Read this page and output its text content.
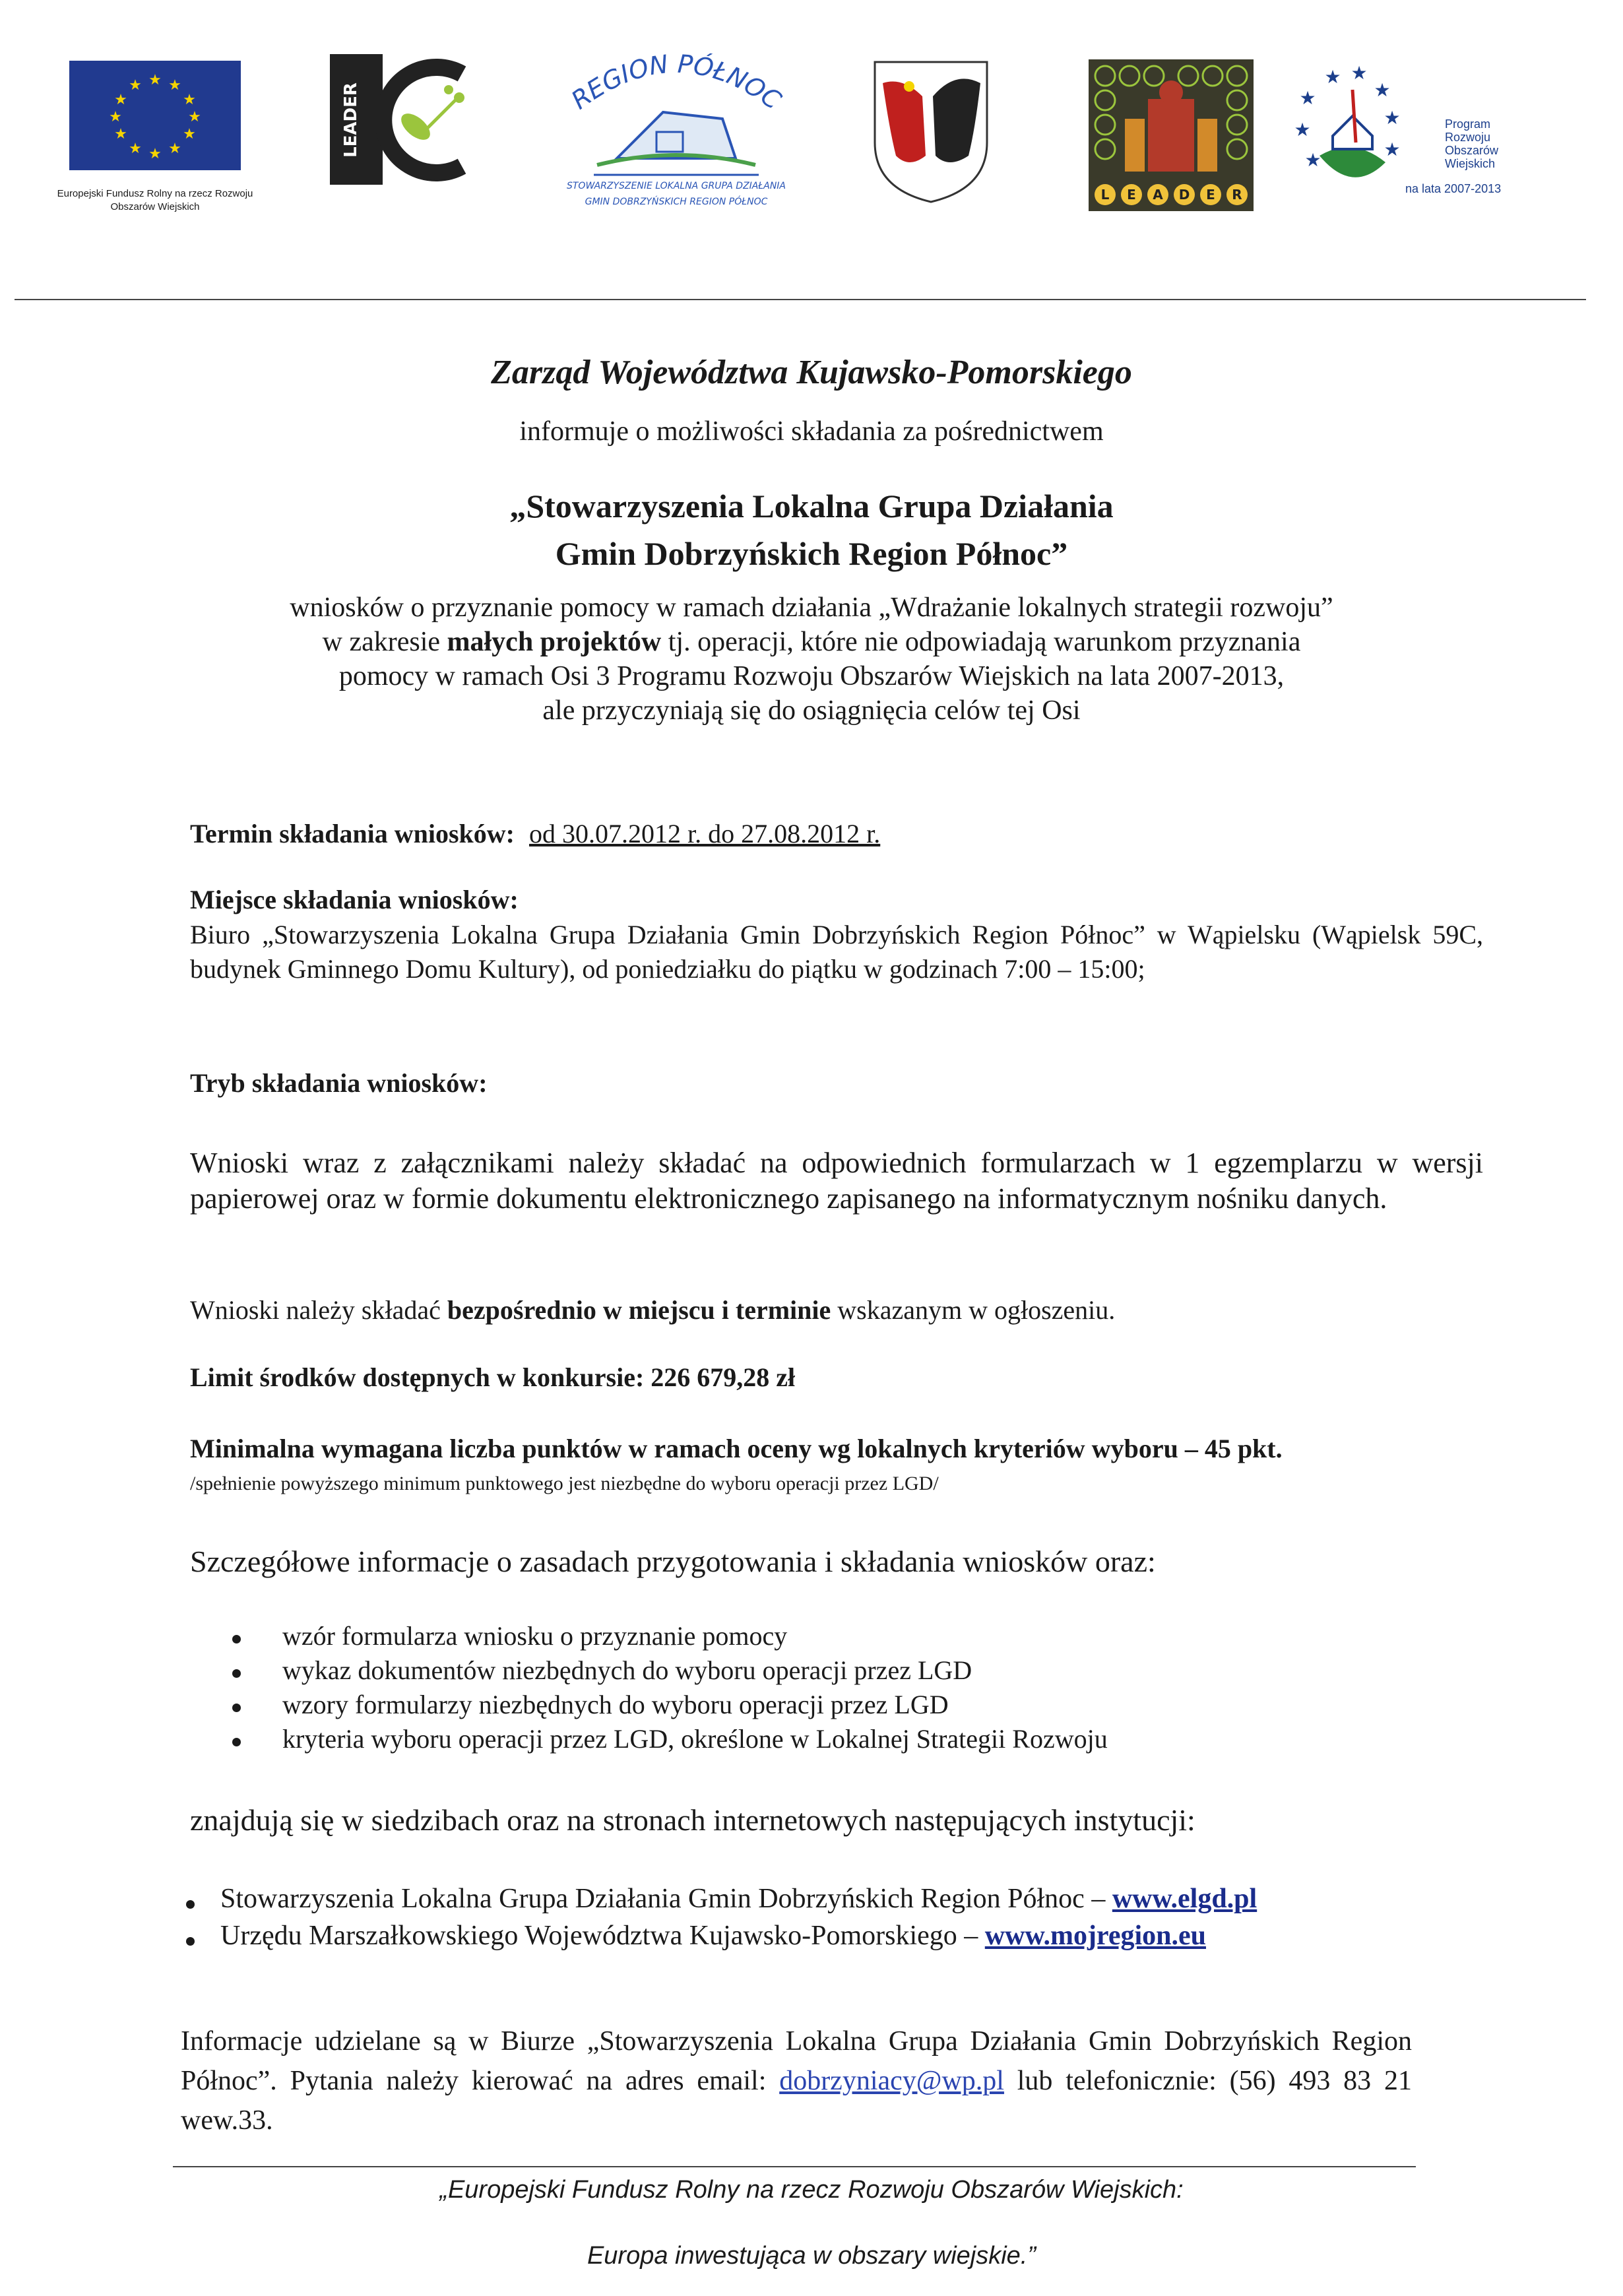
★ ★
★
★
★
★
★
★
★
★
★
★
Europejski Fundusz Rolny na rzecz Rozwoju Obszarów Wiejskich
LEADER	REGION PÓŁNOC
STOWARZYSZENIE LOKALNA GRUPA DZIAŁANIA
GMIN DOBRZYŃSKICH REGION PÓŁNOC	L E A D E R
★ ★
★
★
★
★
★	★
Program
Rozwoju
Obszarów
Wiejskich
na lata 2007-2013
Zarząd Województwa Kujawsko-Pomorskiego
informuje o możliwości składania za pośrednictwem
„Stowarzyszenia Lokalna Grupa Działania
Gmin Dobrzyńskich Region Północ”
wniosków o przyznanie pomocy w ramach działania „Wdrażanie lokalnych strategii rozwoju”
w zakresie małych projektów tj. operacji, które nie odpowiadają warunkom przyznania
pomocy w ramach Osi 3 Programu Rozwoju Obszarów Wiejskich na lata 2007-2013,
ale przyczyniają się do osiągnięcia celów tej Osi
Termin składania wniosków: od 30.07.2012 r. do 27.08.2012 r.
Miejsce składania wniosków:
Biuro „Stowarzyszenia Lokalna Grupa Działania Gmin Dobrzyńskich Region Północ” w Wąpielsku (Wąpielsk 59C, budynek Gminnego Domu Kultury), od poniedziałku do piątku w godzinach 7:00 – 15:00;
Tryb składania wniosków:
Wnioski wraz z załącznikami należy składać na odpowiednich formularzach w 1 egzemplarzu w wersji papierowej oraz w formie dokumentu elektronicznego zapisanego na informatycznym nośniku danych.
Wnioski należy składać bezpośrednio w miejscu i terminie wskazanym w ogłoszeniu.
Limit środków dostępnych w konkursie: 226 679,28 zł
Minimalna wymagana liczba punktów w ramach oceny wg lokalnych kryteriów wyboru – 45 pkt.
/spełnienie powyższego minimum punktowego jest niezbędne do wyboru operacji przez LGD/
Szczegółowe informacje o zasadach przygotowania i składania wniosków oraz:
wzór formularza wniosku o przyznanie pomocy
wykaz dokumentów niezbędnych do wyboru operacji przez LGD
wzory formularzy niezbędnych do wyboru operacji przez LGD
kryteria wyboru operacji przez LGD, określone w Lokalnej Strategii Rozwoju
znajdują się w siedzibach oraz na stronach internetowych następujących instytucji:
Stowarzyszenia Lokalna Grupa Działania Gmin Dobrzyńskich Region Północ – www.elgd.pl
Urzędu Marszałkowskiego Województwa Kujawsko-Pomorskiego – www.mojregion.eu
Informacje udzielane są w Biurze „Stowarzyszenia Lokalna Grupa Działania Gmin Dobrzyńskich Region Północ”. Pytania należy kierować na adres email: dobrzyniacy@wp.pl lub telefonicznie: (56) 493 83 21 wew.33.
„Europejski Fundusz Rolny na rzecz Rozwoju Obszarów Wiejskich:
Europa inwestująca w obszary wiejskie.”
